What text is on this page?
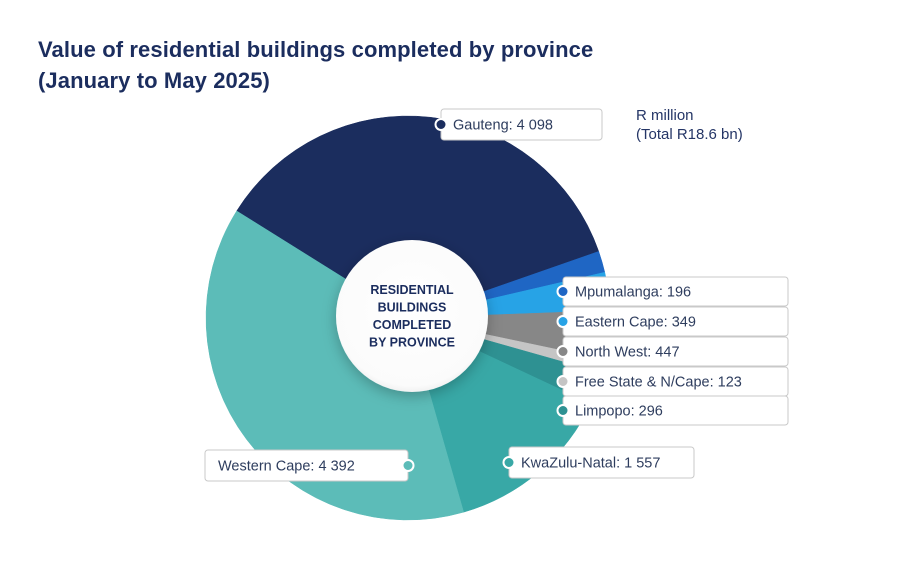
Value of residential buildings completed by province
(January to May 2025)
R million
(Total R18.6 bn)
RESIDENTIAL BUILDINGS COMPLETED BY PROVINCE
Gauteng: 4 098
Mpumalanga: 196
Eastern Cape: 349
North West: 447
Free State & N/Cape: 123
Limpopo: 296
KwaZulu-Natal: 1 557
Western Cape: 4 392
